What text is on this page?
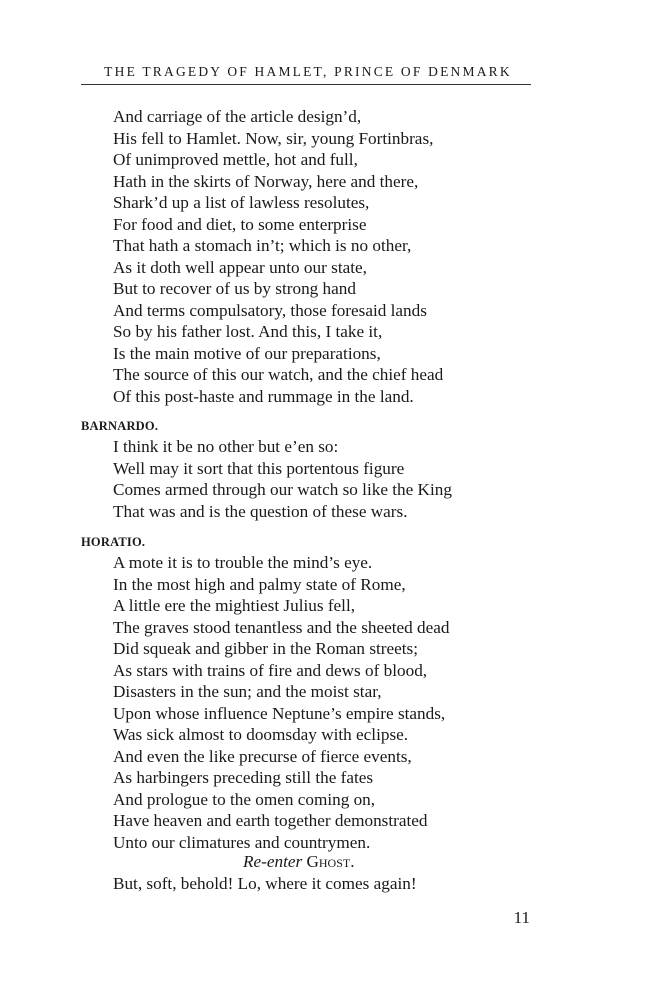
THE TRAGEDY OF HAMLET, PRINCE OF DENMARK
And carriage of the article design’d,
His fell to Hamlet. Now, sir, young Fortinbras,
Of unimproved mettle, hot and full,
Hath in the skirts of Norway, here and there,
Shark’d up a list of lawless resolutes,
For food and diet, to some enterprise
That hath a stomach in’t; which is no other,
As it doth well appear unto our state,
But to recover of us by strong hand
And terms compulsatory, those foresaid lands
So by his father lost. And this, I take it,
Is the main motive of our preparations,
The source of this our watch, and the chief head
Of this post-haste and rummage in the land.
BARNARDO.
I think it be no other but e’en so:
Well may it sort that this portentous figure
Comes armed through our watch so like the King
That was and is the question of these wars.
HORATIO.
A mote it is to trouble the mind’s eye.
In the most high and palmy state of Rome,
A little ere the mightiest Julius fell,
The graves stood tenantless and the sheeted dead
Did squeak and gibber in the Roman streets;
As stars with trains of fire and dews of blood,
Disasters in the sun; and the moist star,
Upon whose influence Neptune’s empire stands,
Was sick almost to doomsday with eclipse.
And even the like precurse of fierce events,
As harbingers preceding still the fates
And prologue to the omen coming on,
Have heaven and earth together demonstrated
Unto our climatures and countrymen.
Re-enter Ghost.
But, soft, behold! Lo, where it comes again!
11
